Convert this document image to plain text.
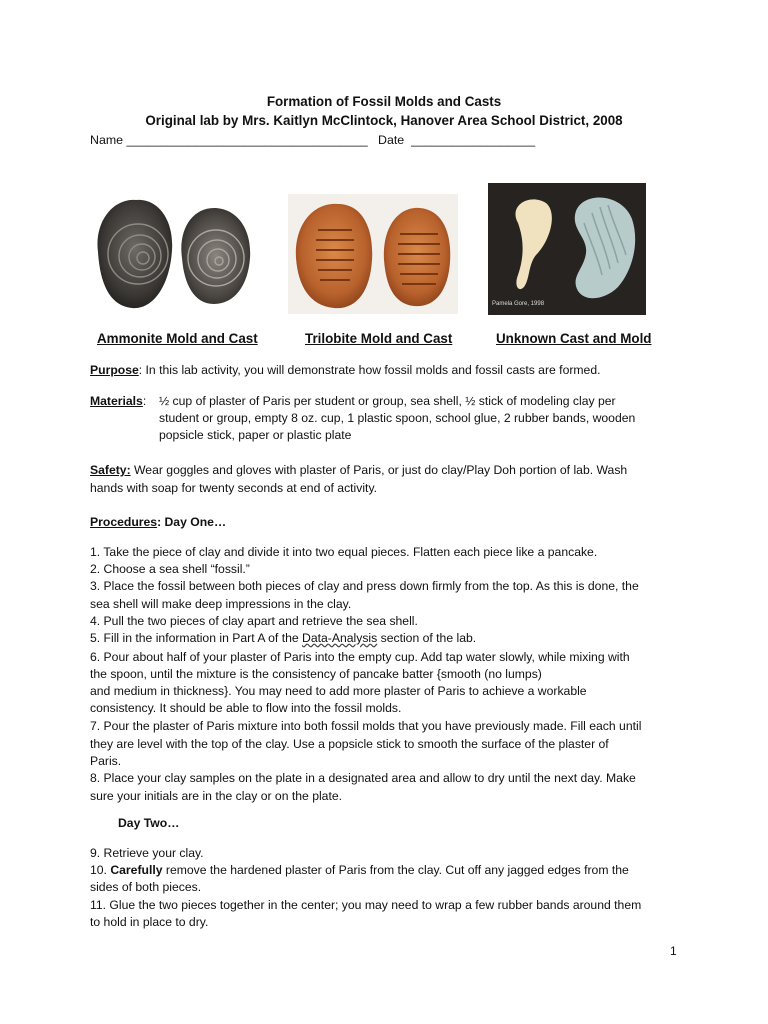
Formation of Fossil Molds and Casts
Original lab by Mrs. Kaitlyn McClintock, Hanover Area School District, 2008
Name ___________________________________   Date  __________________
Pamela Gore, 1998
Ammonite Mold and Cast	Trilobite Mold and Cast	Unknown Cast and Mold
Purpose: In this lab activity, you will demonstrate how fossil molds and fossil casts are formed.
Materials: ½ cup of plaster of Paris per student or group, sea shell, ½ stick of modeling clay per
student or group, empty 8 oz. cup, 1 plastic spoon, school glue, 2 rubber bands, wooden
popsicle stick, paper or plastic plate
Safety: Wear goggles and gloves with plaster of Paris, or just do clay/Play Doh portion of lab. Wash
hands with soap for twenty seconds at end of activity.
Procedures: Day One…
1. Take the piece of clay and divide it into two equal pieces. Flatten each piece like a pancake.
2. Choose a sea shell “fossil.”
3. Place the fossil between both pieces of clay and press down firmly from the top. As this is done, the
sea shell will make deep impressions in the clay.
4. Pull the two pieces of clay apart and retrieve the sea shell.
5. Fill in the information in Part A of the Data-Analysis section of the lab.
6. Pour about half of your plaster of Paris into the empty cup. Add tap water slowly, while mixing with
the spoon, until the mixture is the consistency of pancake batter {smooth (no lumps)
and medium in thickness}. You may need to add more plaster of Paris to achieve a workable
consistency. It should be able to flow into the fossil molds.
7. Pour the plaster of Paris mixture into both fossil molds that you have previously made. Fill each until
they are level with the top of the clay. Use a popsicle stick to smooth the surface of the plaster of
Paris.
8. Place your clay samples on the plate in a designated area and allow to dry until the next day. Make
sure your initials are in the clay or on the plate.
Day Two…
9. Retrieve your clay.
10. Carefully remove the hardened plaster of Paris from the clay. Cut off any jagged edges from the
sides of both pieces.
11. Glue the two pieces together in the center; you may need to wrap a few rubber bands around them
to hold in place to dry.
1
